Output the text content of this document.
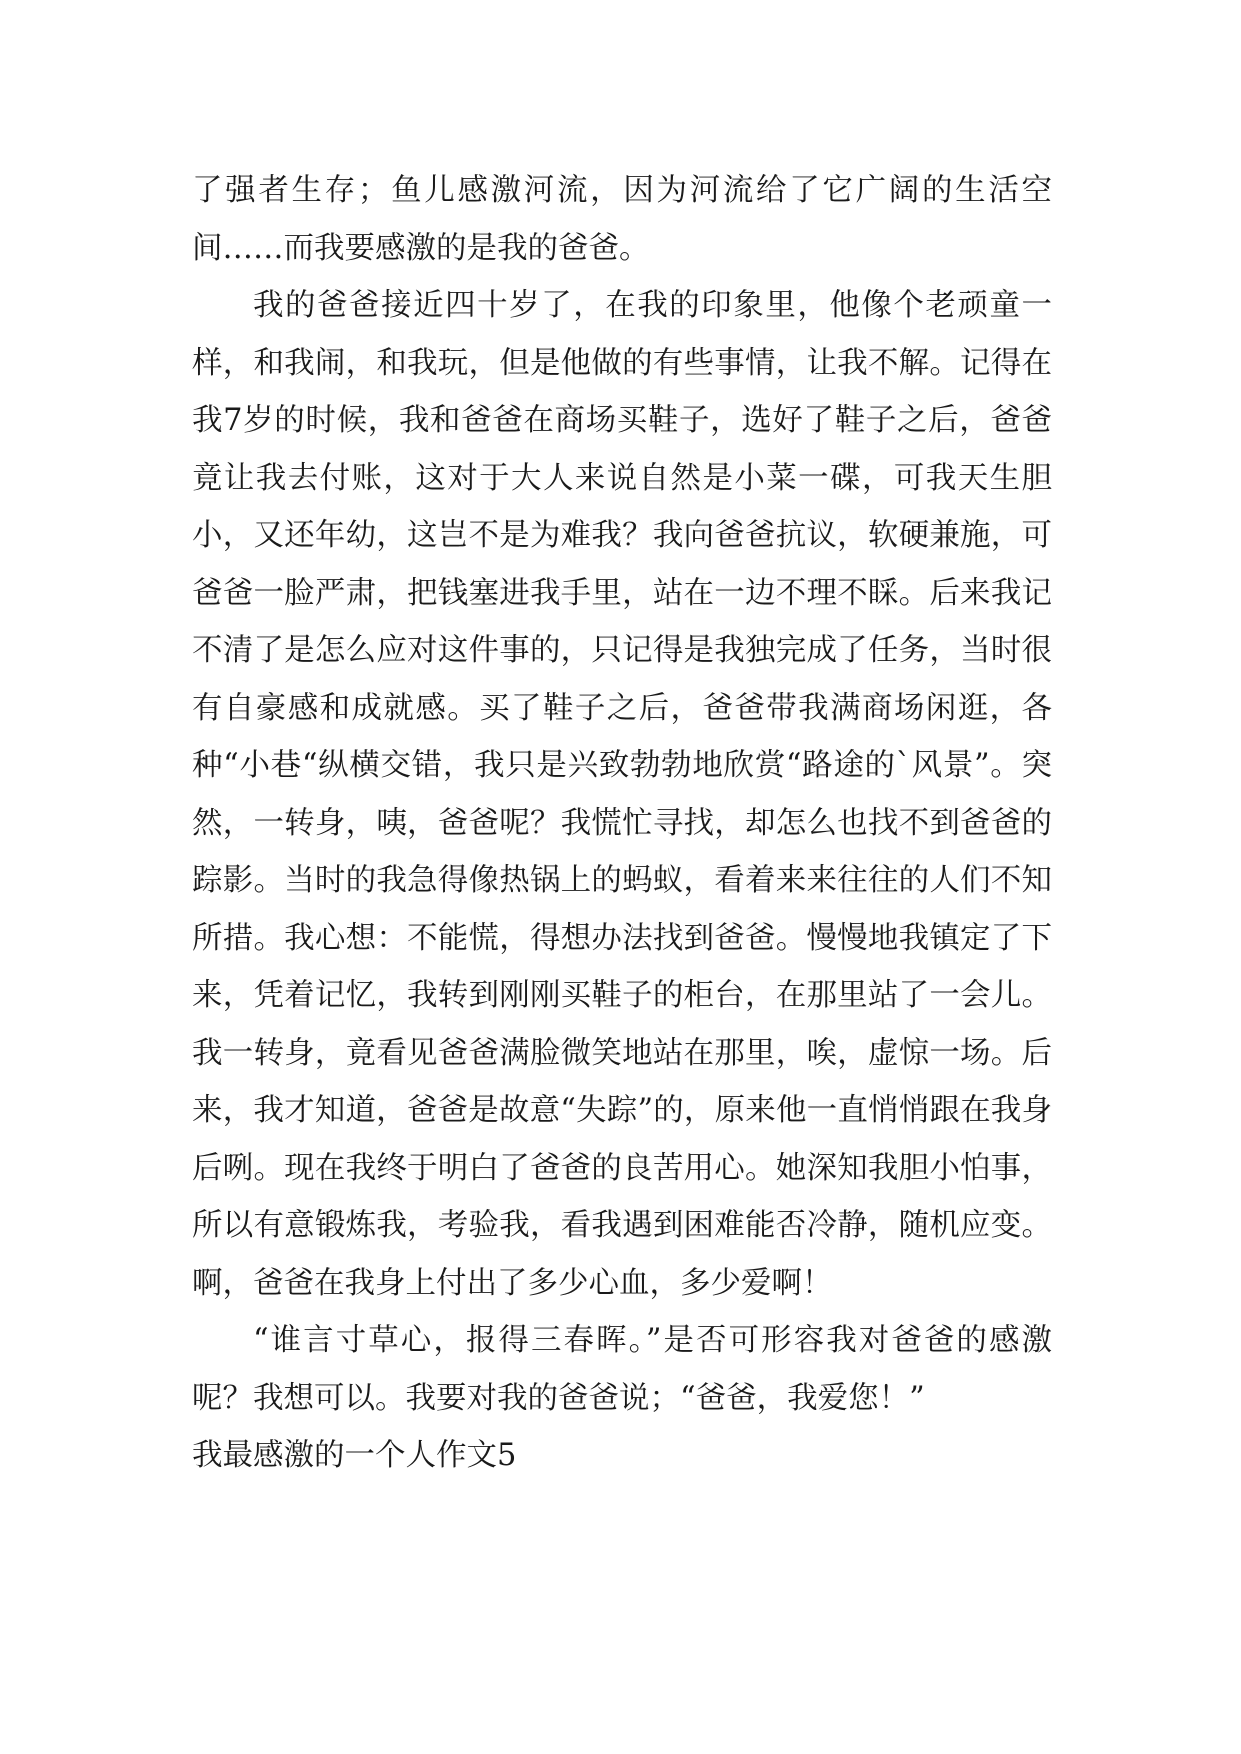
了强者生存；鱼儿感激河流，因为河流给了它广阔的生活空间……而我要感激的是我的爸爸。

我的爸爸接近四十岁了，在我的印象里，他像个老顽童一样，和我闹，和我玩，但是他做的有些事情，让我不解。记得在我7岁的时候，我和爸爸在商场买鞋子，选好了鞋子之后，爸爸竟让我去付账，这对于大人来说自然是小菜一碟，可我天生胆小，又还年幼，这岂不是为难我？我向爸爸抗议，软硬兼施，可爸爸一脸严肃，把钱塞进我手里，站在一边不理不睬。后来我记不清了是怎么应对这件事的，只记得是我独完成了任务，当时很有自豪感和成就感。买了鞋子之后，爸爸带我满商场闲逛，各种“小巷“纵横交错，我只是兴致勃勃地欣赏“路途的`风景”。突然，一转身，咦，爸爸呢？我慌忙寻找，却怎么也找不到爸爸的踪影。当时的我急得像热锅上的蚂蚁，看着来来往往的人们不知所措。我心想：不能慌，得想办法找到爸爸。慢慢地我镇定了下来，凭着记忆，我转到刚刚买鞋子的柜台，在那里站了一会儿。我一转身，竟看见爸爸满脸微笑地站在那里，唉，虚惊一场。后来，我才知道，爸爸是故意“失踪”的，原来他一直悄悄跟在我身后咧。现在我终于明白了爸爸的良苦用心。她深知我胆小怕事，所以有意锻炼我，考验我，看我遇到困难能否冷静，随机应变。啊，爸爸在我身上付出了多少心血，多少爱啊！

“谁言寸草心，报得三春晖。”是否可形容我对爸爸的感激呢？我想可以。我要对我的爸爸说；“爸爸，我爱您！”

我最感激的一个人作文5
